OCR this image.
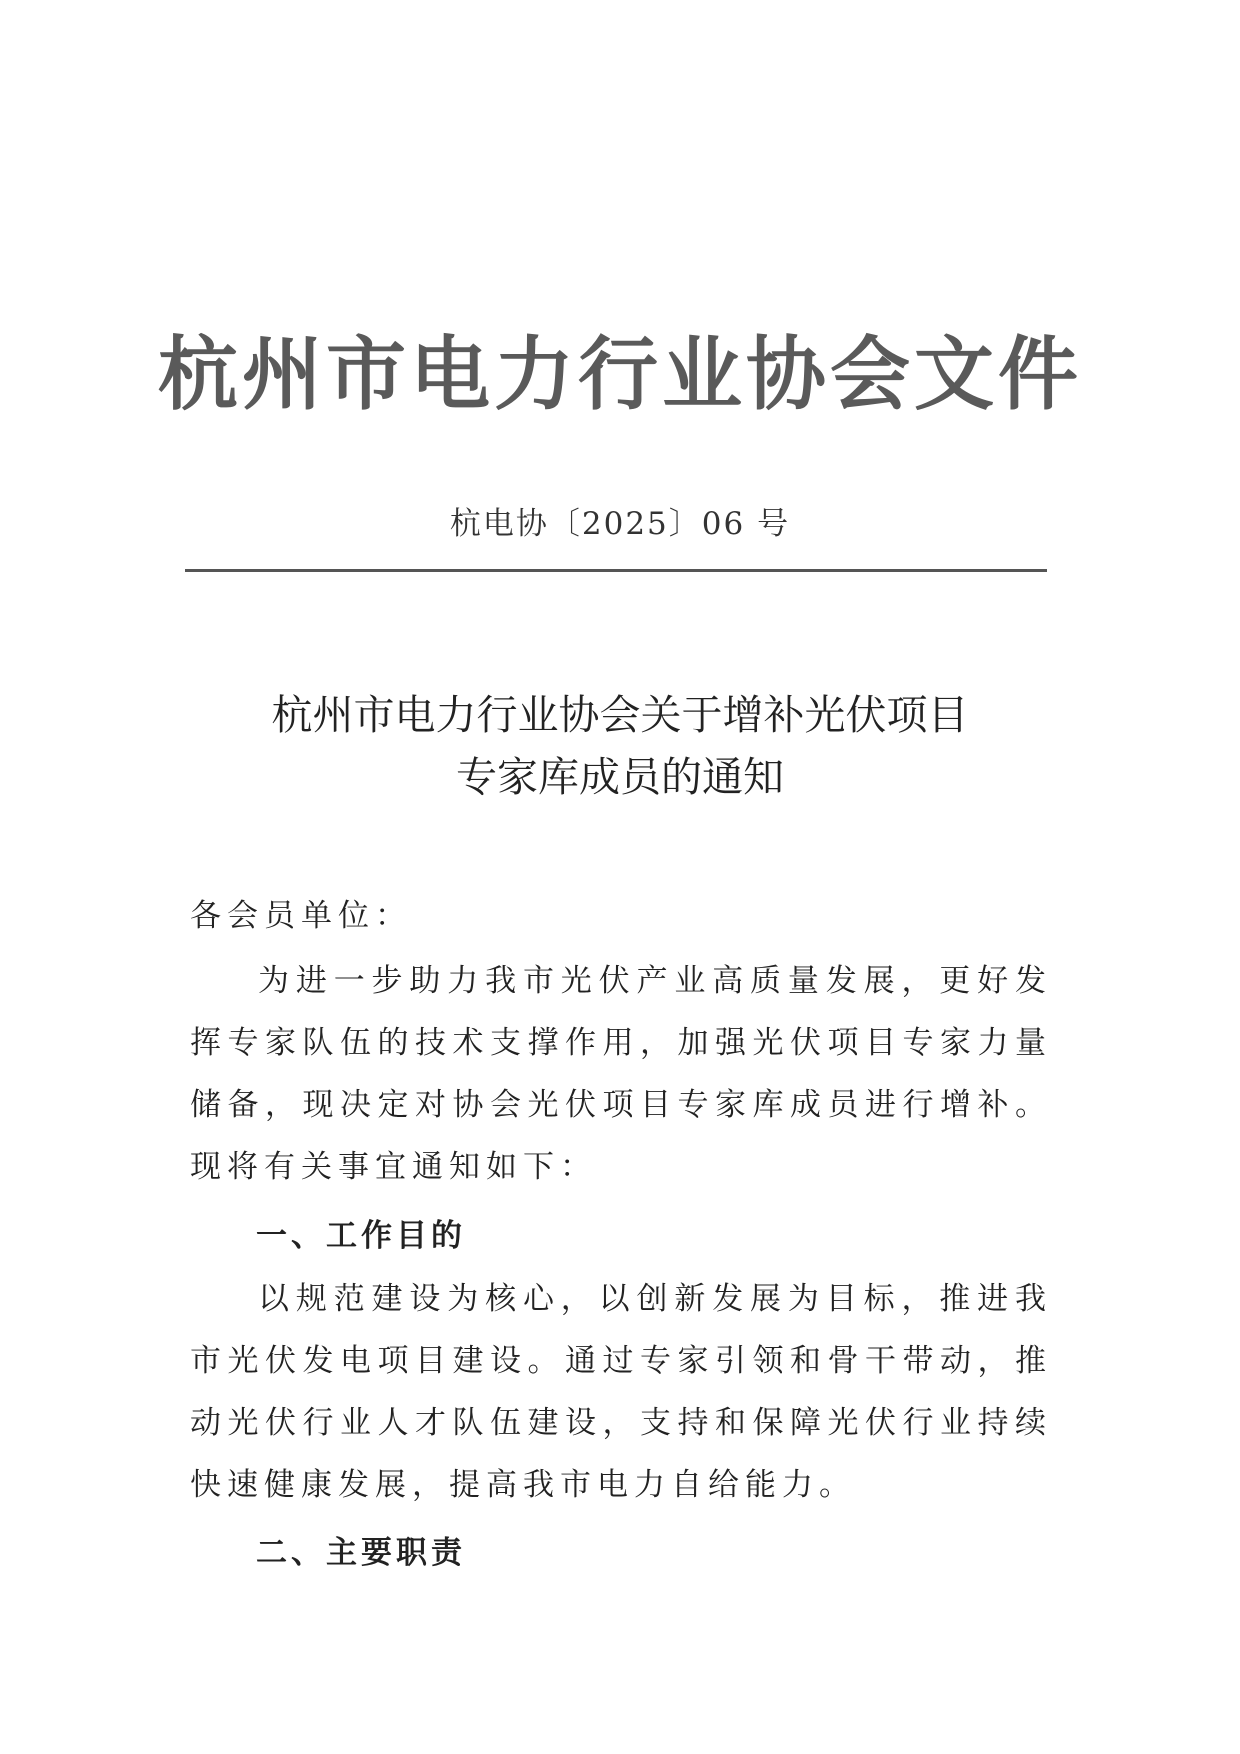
杭州市电力行业协会文件
杭电协〔2025〕06 号
杭州市电力行业协会关于增补光伏项目
专家库成员的通知
各会员单位：
为进一步助力我市光伏产业高质量发展，更好发挥专家队伍的技术支撑作用，加强光伏项目专家力量储备，现决定对协会光伏项目专家库成员进行增补。现将有关事宜通知如下：
一、工作目的
以规范建设为核心，以创新发展为目标，推进我市光伏发电项目建设。通过专家引领和骨干带动，推动光伏行业人才队伍建设，支持和保障光伏行业持续快速健康发展，提高我市电力自给能力。
二、主要职责
